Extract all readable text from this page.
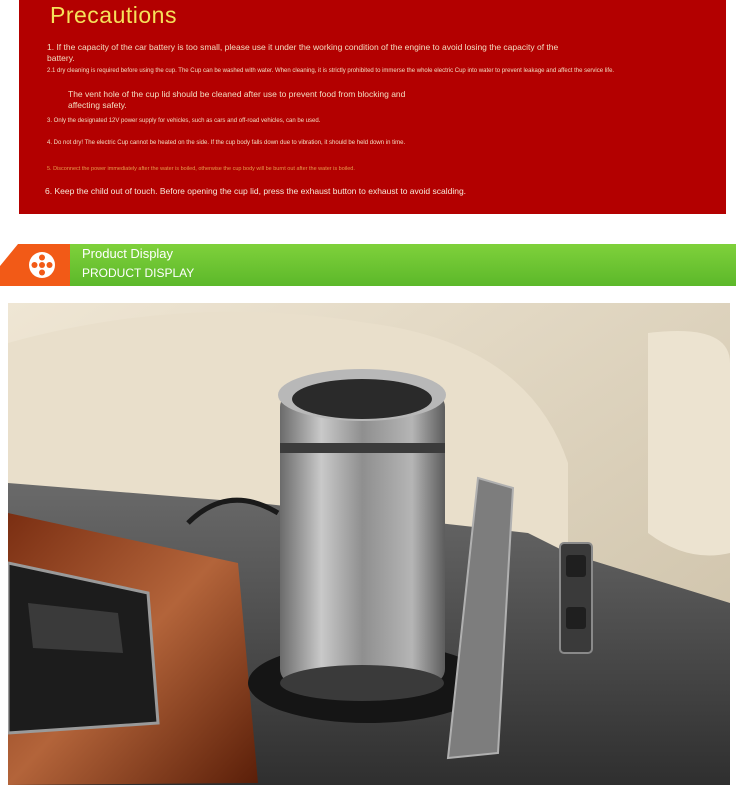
Precautions

1. If the capacity of the car battery is too small, please use it under the working condition of the engine to avoid losing the capacity of the battery.

2.1 dry cleaning is required before using the cup. The Cup can be washed with water. When cleaning, it is strictly prohibited to immerse the whole electric Cup into water to prevent leakage and affect the service life.

The vent hole of the cup lid should be cleaned after use to prevent food from blocking and affecting safety.

3. Only the designated 12V power supply for vehicles, such as cars and off-road vehicles, can be used.

4. Do not dry! The electric Cup cannot be heated on the side. If the cup body falls down due to vibration, it should be held down in time.

5. Disconnect the power immediately after the water is boiled, otherwise the cup body will be burnt out after the water is boiled.

6. Keep the child out of touch. Before opening the cup lid, press the exhaust button to exhaust to avoid scalding.

Product Display
PRODUCT DISPLAY
